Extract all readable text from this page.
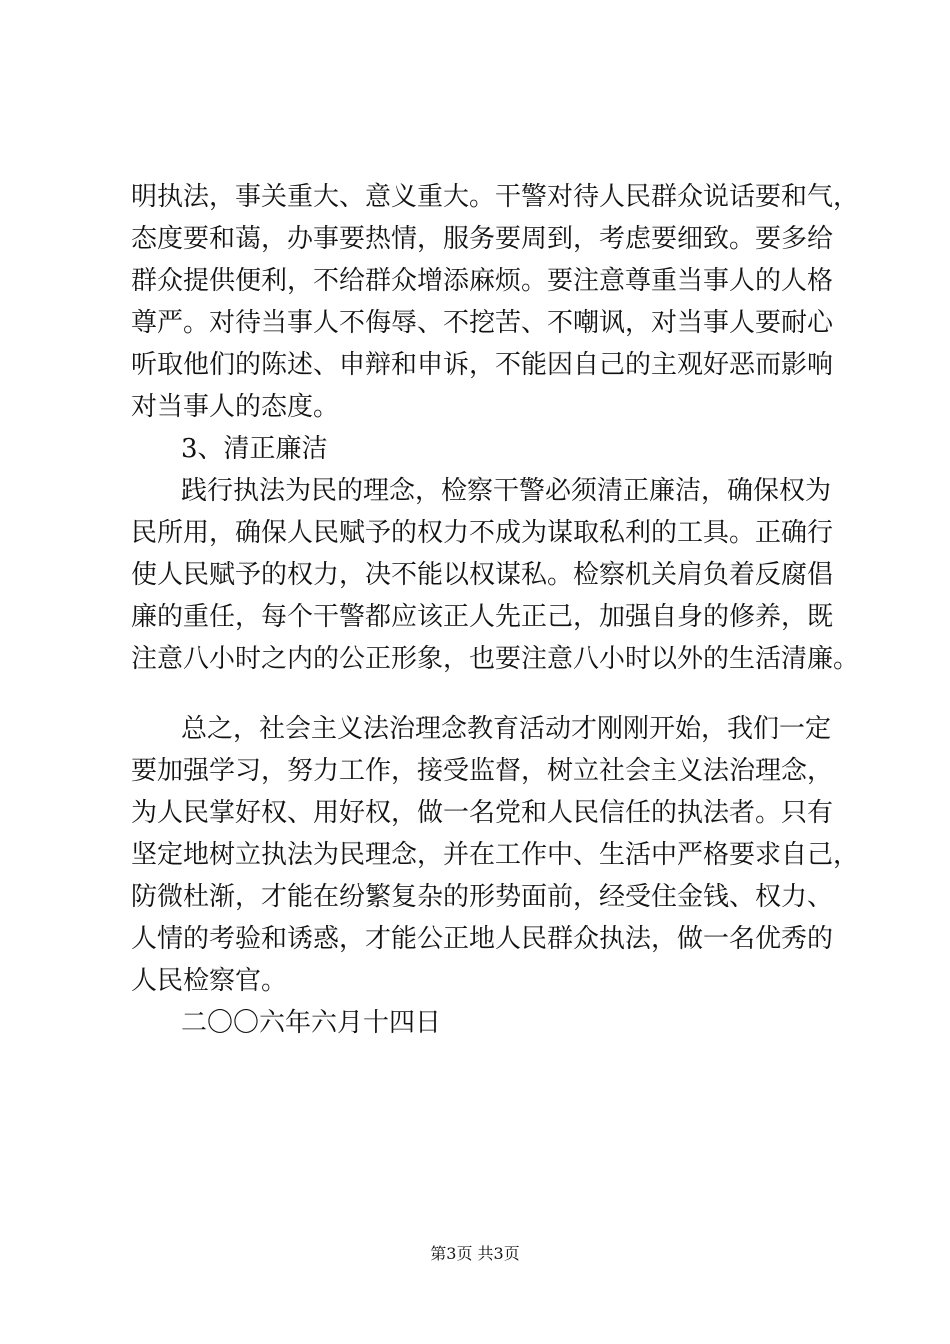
明执法，事关重大、意义重大。干警对待人民群众说话要和气，
态度要和蔼，办事要热情，服务要周到，考虑要细致。要多给
群众提供便利，不给群众增添麻烦。要注意尊重当事人的人格
尊严。对待当事人不侮辱、不挖苦、不嘲讽，对当事人要耐心
听取他们的陈述、申辩和申诉，不能因自己的主观好恶而影响
对当事人的态度。
3、清正廉洁
践行执法为民的理念，检察干警必须清正廉洁，确保权为
民所用，确保人民赋予的权力不成为谋取私利的工具。正确行
使人民赋予的权力，决不能以权谋私。检察机关肩负着反腐倡
廉的重任，每个干警都应该正人先正己，加强自身的修养，既
注意八小时之内的公正形象，也要注意八小时以外的生活清廉。
总之，社会主义法治理念教育活动才刚刚开始，我们一定
要加强学习，努力工作，接受监督，树立社会主义法治理念，
为人民掌好权、用好权，做一名党和人民信任的执法者。只有
坚定地树立执法为民理念，并在工作中、生活中严格要求自己，
防微杜渐，才能在纷繁复杂的形势面前，经受住金钱、权力、
人情的考验和诱惑，才能公正地人民群众执法，做一名优秀的
人民检察官。
二〇〇六年六月十四日
第3页 共3页
